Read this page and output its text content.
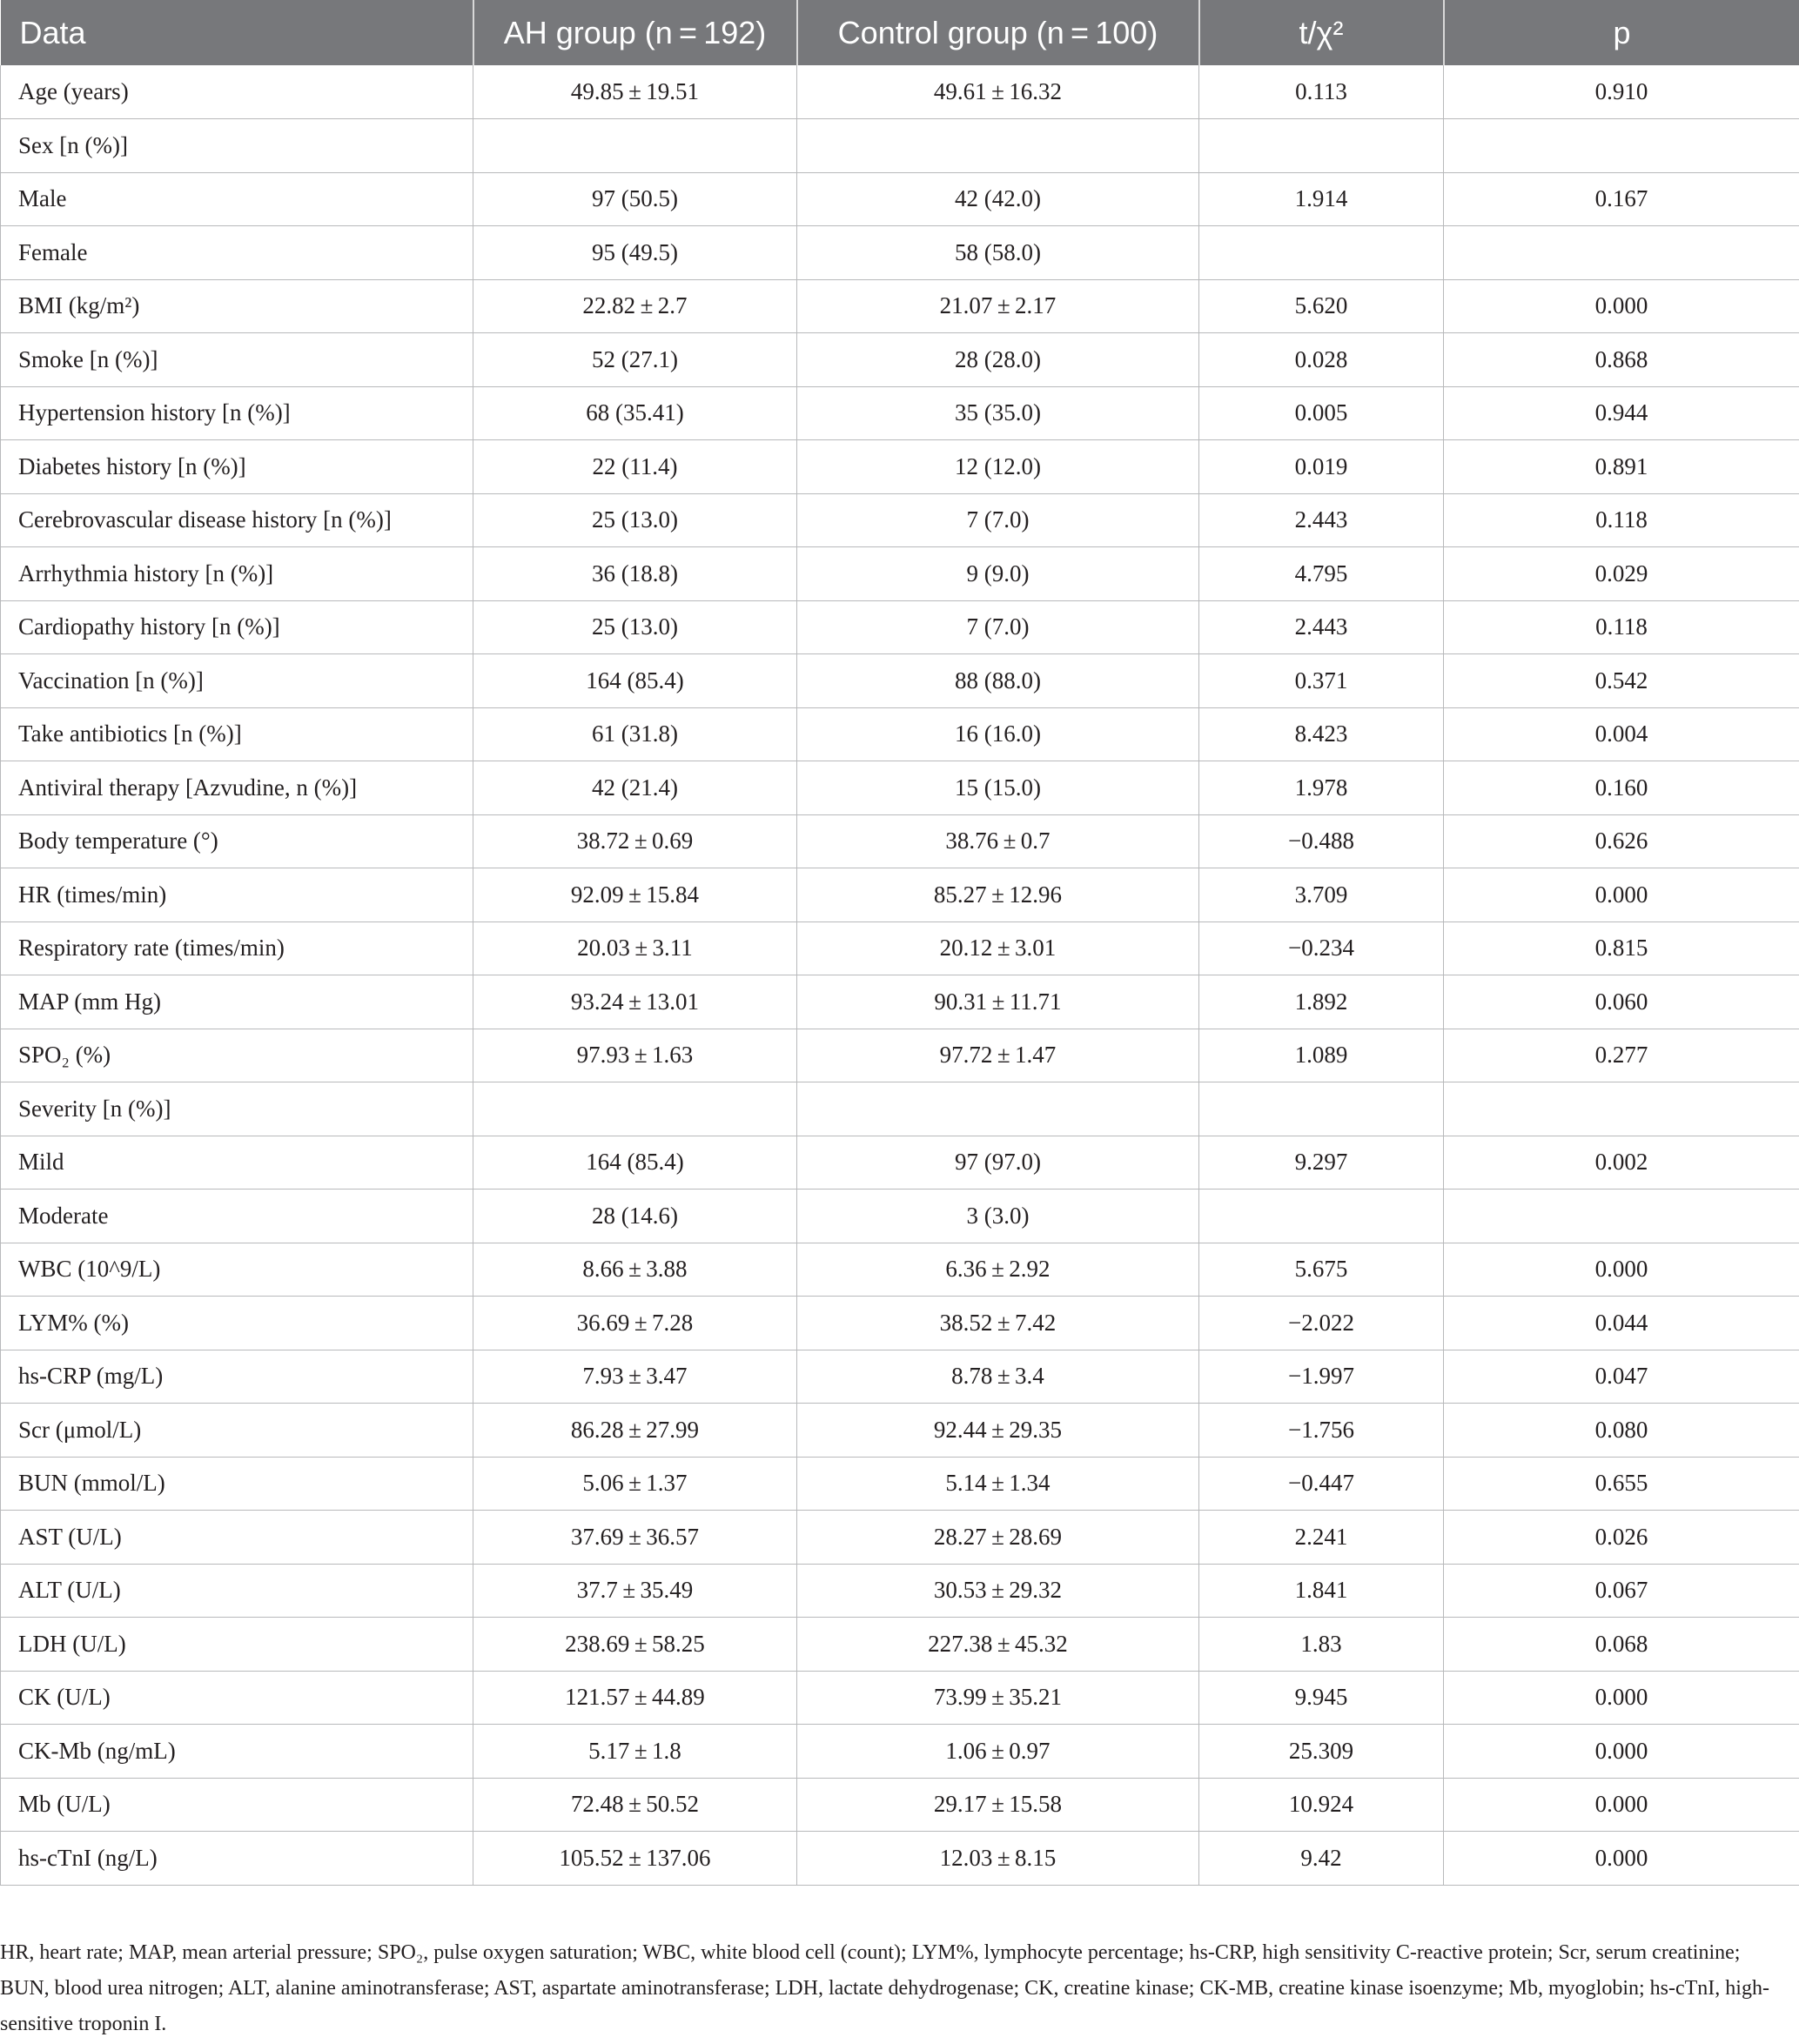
Data	AH group (n = 192)	Control group (n = 100)	t/χ²	p
Age (years)	49.85 ± 19.51	49.61 ± 16.32	0.113	0.910
Sex [n (%)]				
Male	97 (50.5)	42 (42.0)	1.914	0.167
Female	95 (49.5)	58 (58.0)		
BMI (kg/m²)	22.82 ± 2.7	21.07 ± 2.17	5.620	0.000
Smoke [n (%)]	52 (27.1)	28 (28.0)	0.028	0.868
Hypertension history [n (%)]	68 (35.41)	35 (35.0)	0.005	0.944
Diabetes history [n (%)]	22 (11.4)	12 (12.0)	0.019	0.891
Cerebrovascular disease history [n (%)]	25 (13.0)	7 (7.0)	2.443	0.118
Arrhythmia history [n (%)]	36 (18.8)	9 (9.0)	4.795	0.029
Cardiopathy history [n (%)]	25 (13.0)	7 (7.0)	2.443	0.118
Vaccination [n (%)]	164 (85.4)	88 (88.0)	0.371	0.542
Take antibiotics [n (%)]	61 (31.8)	16 (16.0)	8.423	0.004
Antiviral therapy [Azvudine, n (%)]	42 (21.4)	15 (15.0)	1.978	0.160
Body temperature (°)	38.72 ± 0.69	38.76 ± 0.7	−0.488	0.626
HR (times/min)	92.09 ± 15.84	85.27 ± 12.96	3.709	0.000
Respiratory rate (times/min)	20.03 ± 3.11	20.12 ± 3.01	−0.234	0.815
MAP (mm Hg)	93.24 ± 13.01	90.31 ± 11.71	1.892	0.060
SPO₂ (%)	97.93 ± 1.63	97.72 ± 1.47	1.089	0.277
Severity [n (%)]				
Mild	164 (85.4)	97 (97.0)	9.297	0.002
Moderate	28 (14.6)	3 (3.0)		
WBC (10^9/L)	8.66 ± 3.88	6.36 ± 2.92	5.675	0.000
LYM% (%)	36.69 ± 7.28	38.52 ± 7.42	−2.022	0.044
hs-CRP (mg/L)	7.93 ± 3.47	8.78 ± 3.4	−1.997	0.047
Scr (μmol/L)	86.28 ± 27.99	92.44 ± 29.35	−1.756	0.080
BUN (mmol/L)	5.06 ± 1.37	5.14 ± 1.34	−0.447	0.655
AST (U/L)	37.69 ± 36.57	28.27 ± 28.69	2.241	0.026
ALT (U/L)	37.7 ± 35.49	30.53 ± 29.32	1.841	0.067
LDH (U/L)	238.69 ± 58.25	227.38 ± 45.32	1.83	0.068
CK (U/L)	121.57 ± 44.89	73.99 ± 35.21	9.945	0.000
CK-Mb (ng/mL)	5.17 ± 1.8	1.06 ± 0.97	25.309	0.000
Mb (U/L)	72.48 ± 50.52	29.17 ± 15.58	10.924	0.000
hs-cTnI (ng/L)	105.52 ± 137.06	12.03 ± 8.15	9.42	0.000
HR, heart rate; MAP, mean arterial pressure; SPO₂, pulse oxygen saturation; WBC, white blood cell (count); LYM%, lymphocyte percentage; hs-CRP, high sensitivity C-reactive protein; Scr, serum creatinine; BUN, blood urea nitrogen; ALT, alanine aminotransferase; AST, aspartate aminotransferase; LDH, lactate dehydrogenase; CK, creatine kinase; CK-MB, creatine kinase isoenzyme; Mb, myoglobin; hs-cTnI, high-sensitive troponin I.
